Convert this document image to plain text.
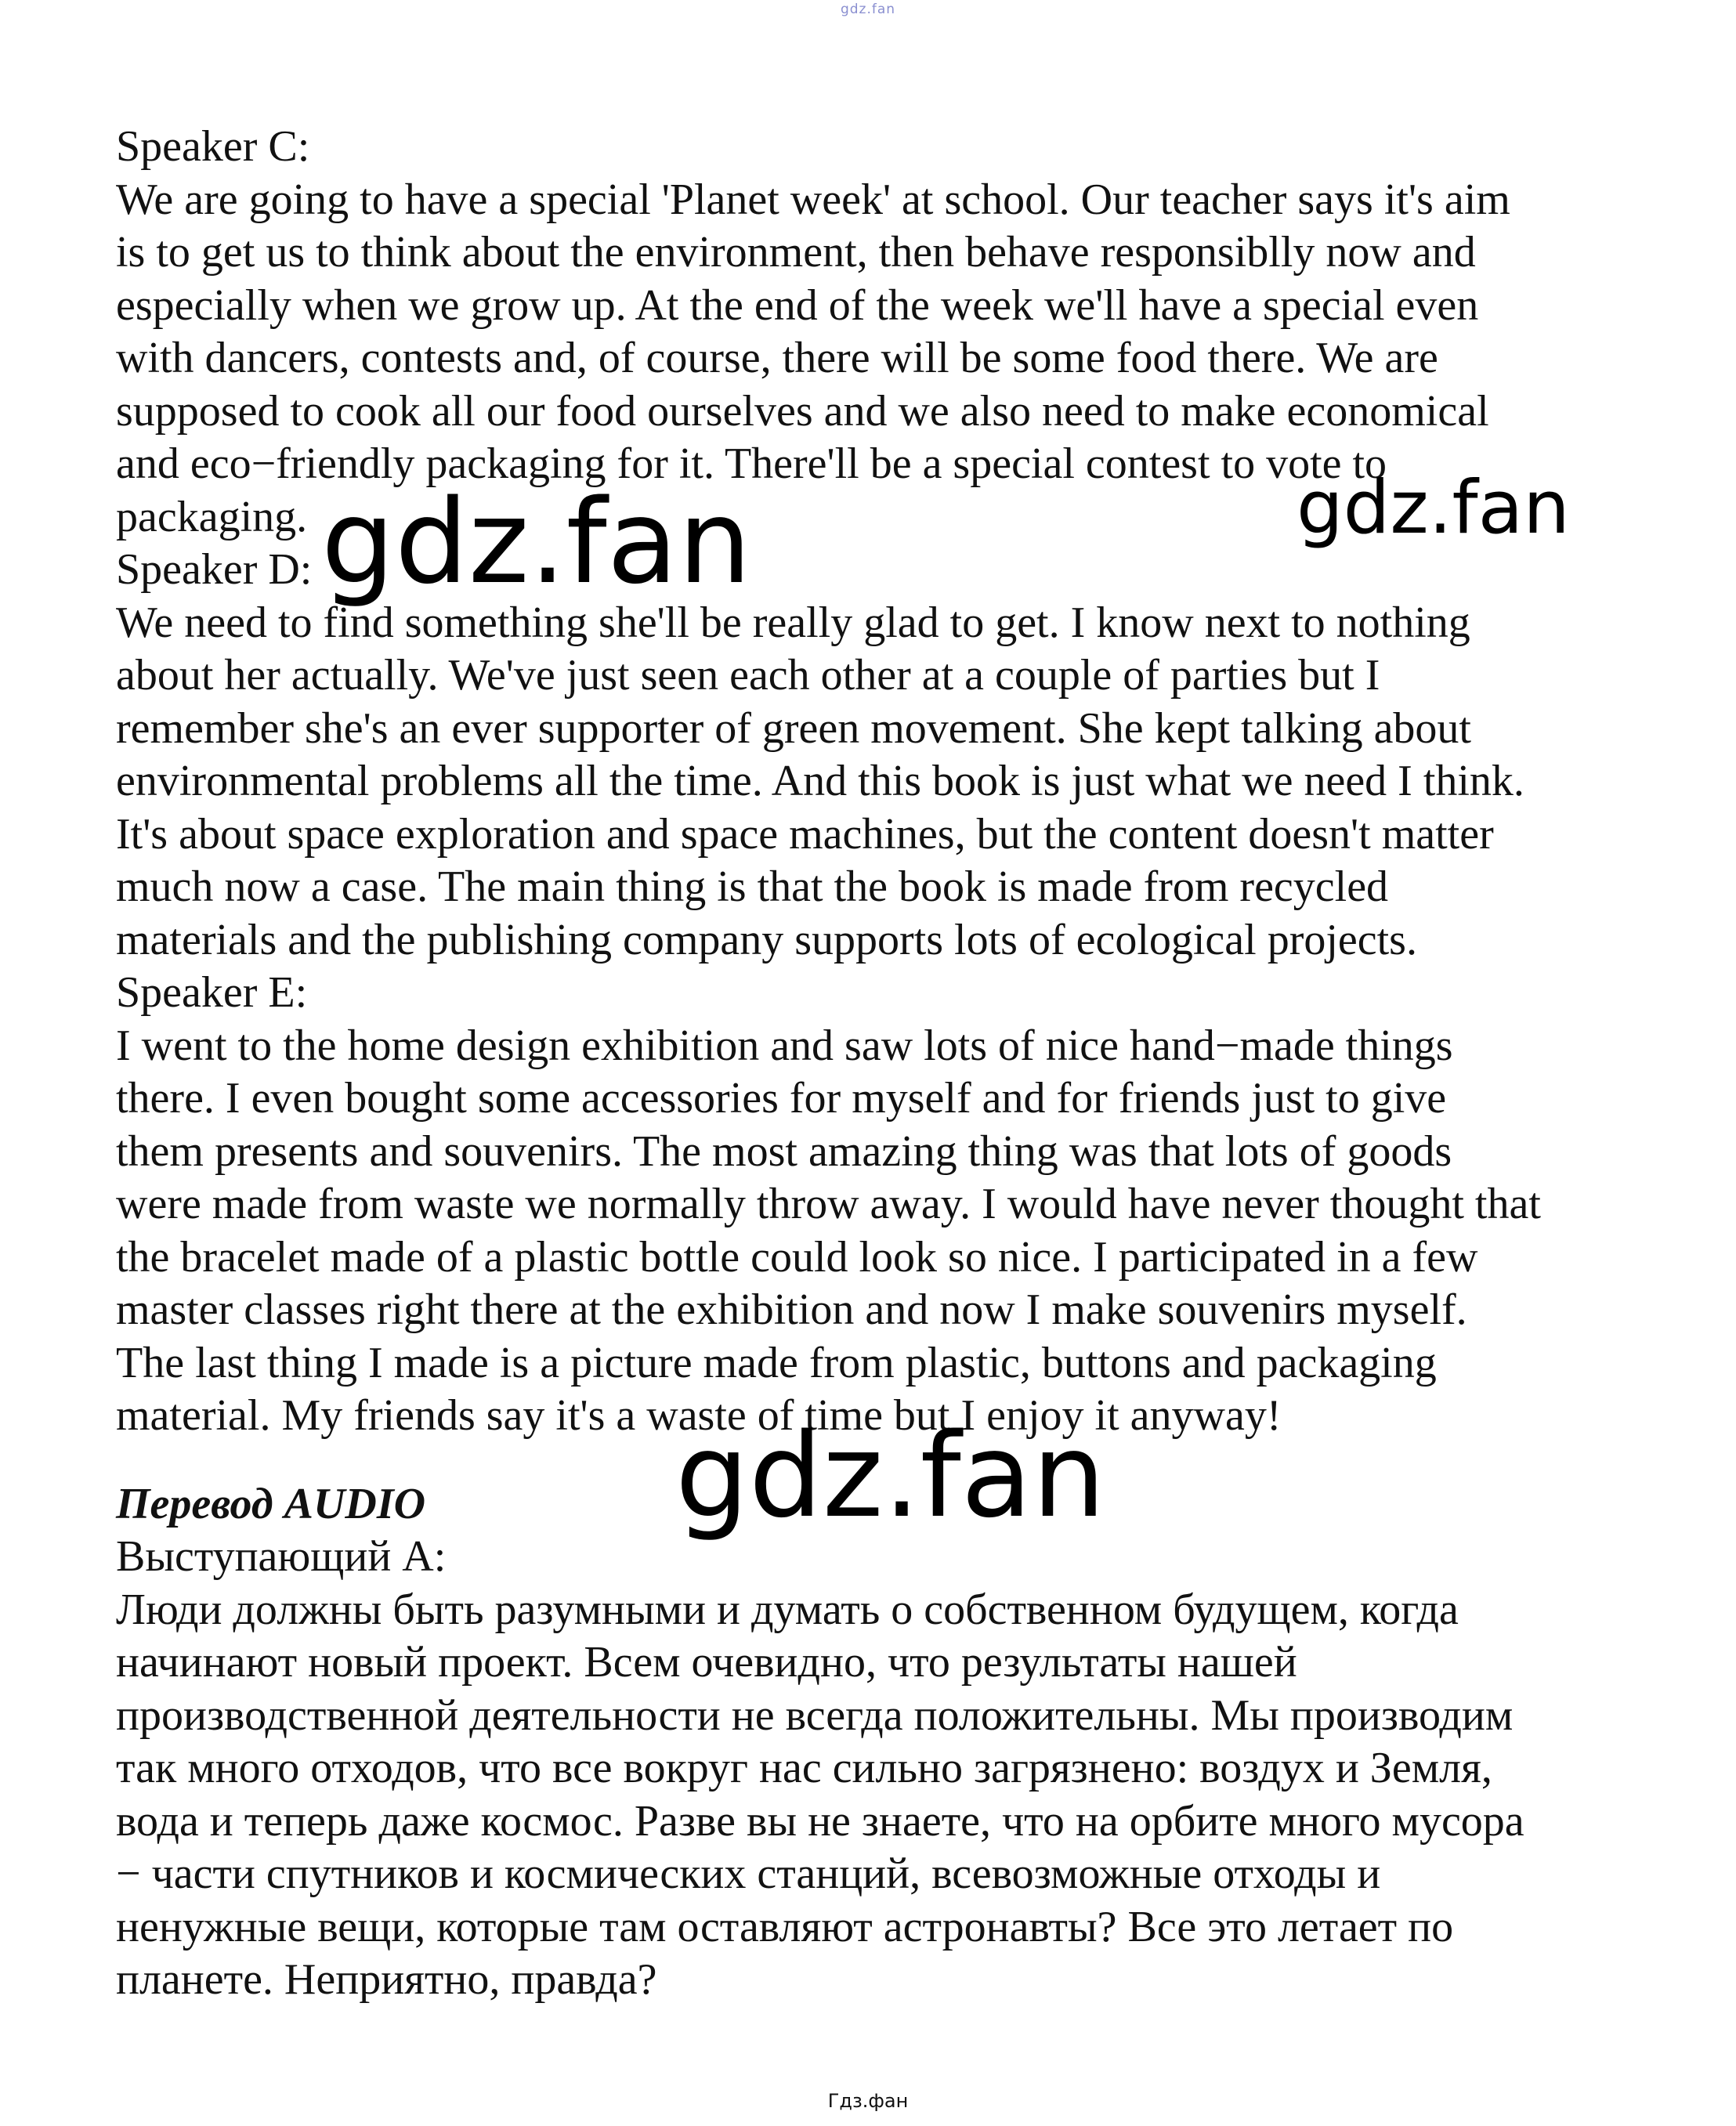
gdz.fan
Speaker C:
We are going to have a special 'Planet week' at school. Our teacher says it's aim
is to get us to think about the environment, then behave responsiblly now and
especially when we grow up. At the end of the week we'll have a special even
with dancers, contests and, of course, there will be some food there. We are
supposed to cook all our food ourselves and we also need to make economical
and eco−friendly packaging for it. There'll be a special contest to vote to
packaging.
Speaker D:
We need to find something she'll be really glad to get. I know next to nothing
about her actually. We've just seen each other at a couple of parties but I
remember she's an ever supporter of green movement. She kept talking about
environmental problems all the time. And this book is just what we need I think.
It's about space exploration and space machines, but the content doesn't matter
much now a case. The main thing is that the book is made from recycled
materials and the publishing company supports lots of ecological projects.
Speaker E:
I went to the home design exhibition and saw lots of nice hand−made things
there. I even bought some accessories for myself and for friends just to give
them presents and souvenirs. The most amazing thing was that lots of goods
were made from waste we normally throw away. I would have never thought that
the bracelet made of a plastic bottle could look so nice. I participated in a few
master classes right there at the exhibition and now I make souvenirs myself.
The last thing I made is a picture made from plastic, buttons and packaging
material. My friends say it's a waste of time but I enjoy it anyway!
Перевод AUDIO
Выступающий А:
Люди должны быть разумными и думать о собственном будущем, когда
начинают новый проект. Всем очевидно, что результаты нашей
производственной деятельности не всегда положительны. Мы производим
так много отходов, что все вокруг нас сильно загрязнено: воздух и Земля,
вода и теперь даже космос. Разве вы не знаете, что на орбите много мусора
− части спутников и космических станций, всевозможные отходы и
ненужные вещи, которые там оставляют астронавты? Все это летает по
планете. Неприятно, правда?
gdz.fan	gdz.fan
gdz.fan
Гдз.фан
